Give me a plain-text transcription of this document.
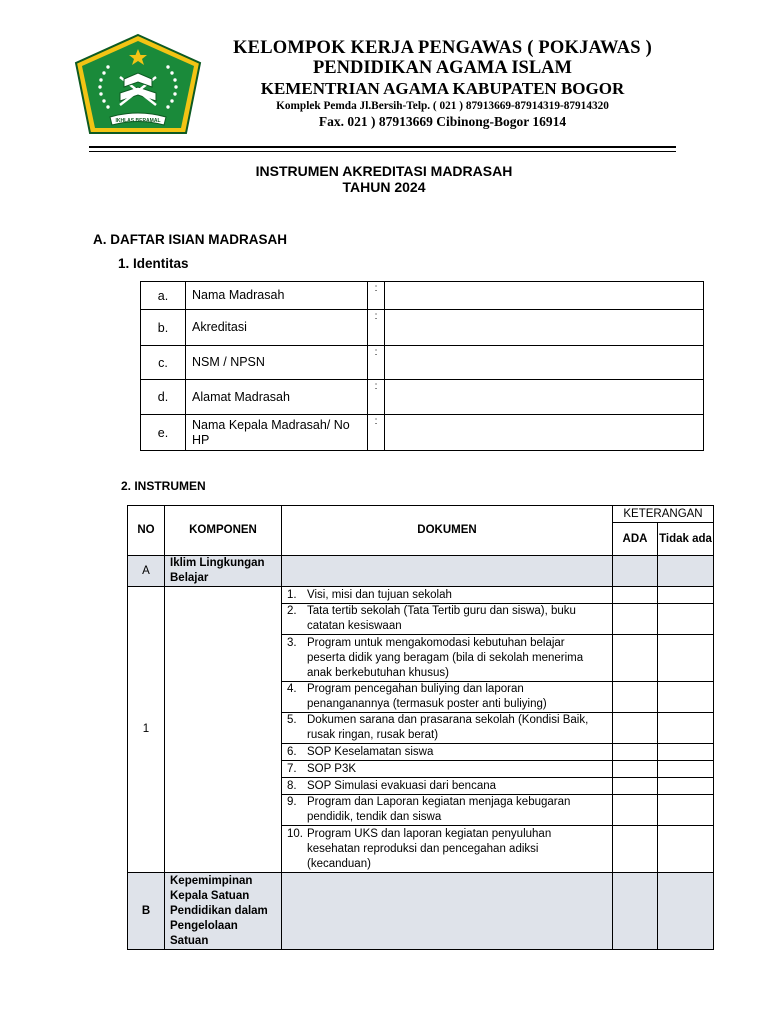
IKHLAS BERAMAL
KELOMPOK KERJA PENGAWAS ( POKJAWAS )
PENDIDIKAN AGAMA ISLAM
KEMENTRIAN AGAMA KABUPATEN BOGOR
Komplek Pemda Jl.Bersih-Telp. ( 021 ) 87913669-87914319-87914320
Fax. 021 ) 87913669 Cibinong-Bogor 16914
INSTRUMEN AKREDITASI MADRASAH
TAHUN 2024
A. DAFTAR ISIAN MADRASAH
1. Identitas
a.	Nama Madrasah	:	
b.	Akreditasi	:	
c.	NSM / NPSN	:	
d.	Alamat Madrasah	:	
e.	Nama Kepala Madrasah/ No HP	:	
2. INSTRUMEN
NO	KOMPONEN	DOKUMEN	KETERANGAN	
			ADA	Tidak ada
A	Iklim Lingkungan Belajar			
1		1. Visi, misi dan tujuan sekolah		
		2. Tata tertib sekolah (Tata Tertib guru dan siswa), buku catatan kesiswaan		
		3. Program untuk mengakomodasi kebutuhan belajar peserta didik yang beragam (bila di sekolah menerima anak berkebutuhan khusus)		
		4. Program pencegahan buliying dan laporan penanganannya (termasuk poster anti buliying)		
		5. Dokumen sarana dan prasarana sekolah (Kondisi Baik, rusak ringan, rusak berat)		
		6. SOP Keselamatan siswa		
		7. SOP P3K		
		8. SOP Simulasi evakuasi dari bencana		
		9. Program dan Laporan kegiatan menjaga kebugaran pendidik, tendik dan siswa		
		10. Program UKS dan laporan kegiatan penyuluhan kesehatan reproduksi dan pencegahan adiksi (kecanduan)		
B	Kepemimpinan Kepala Satuan Pendidikan dalam Pengelolaan Satuan			
